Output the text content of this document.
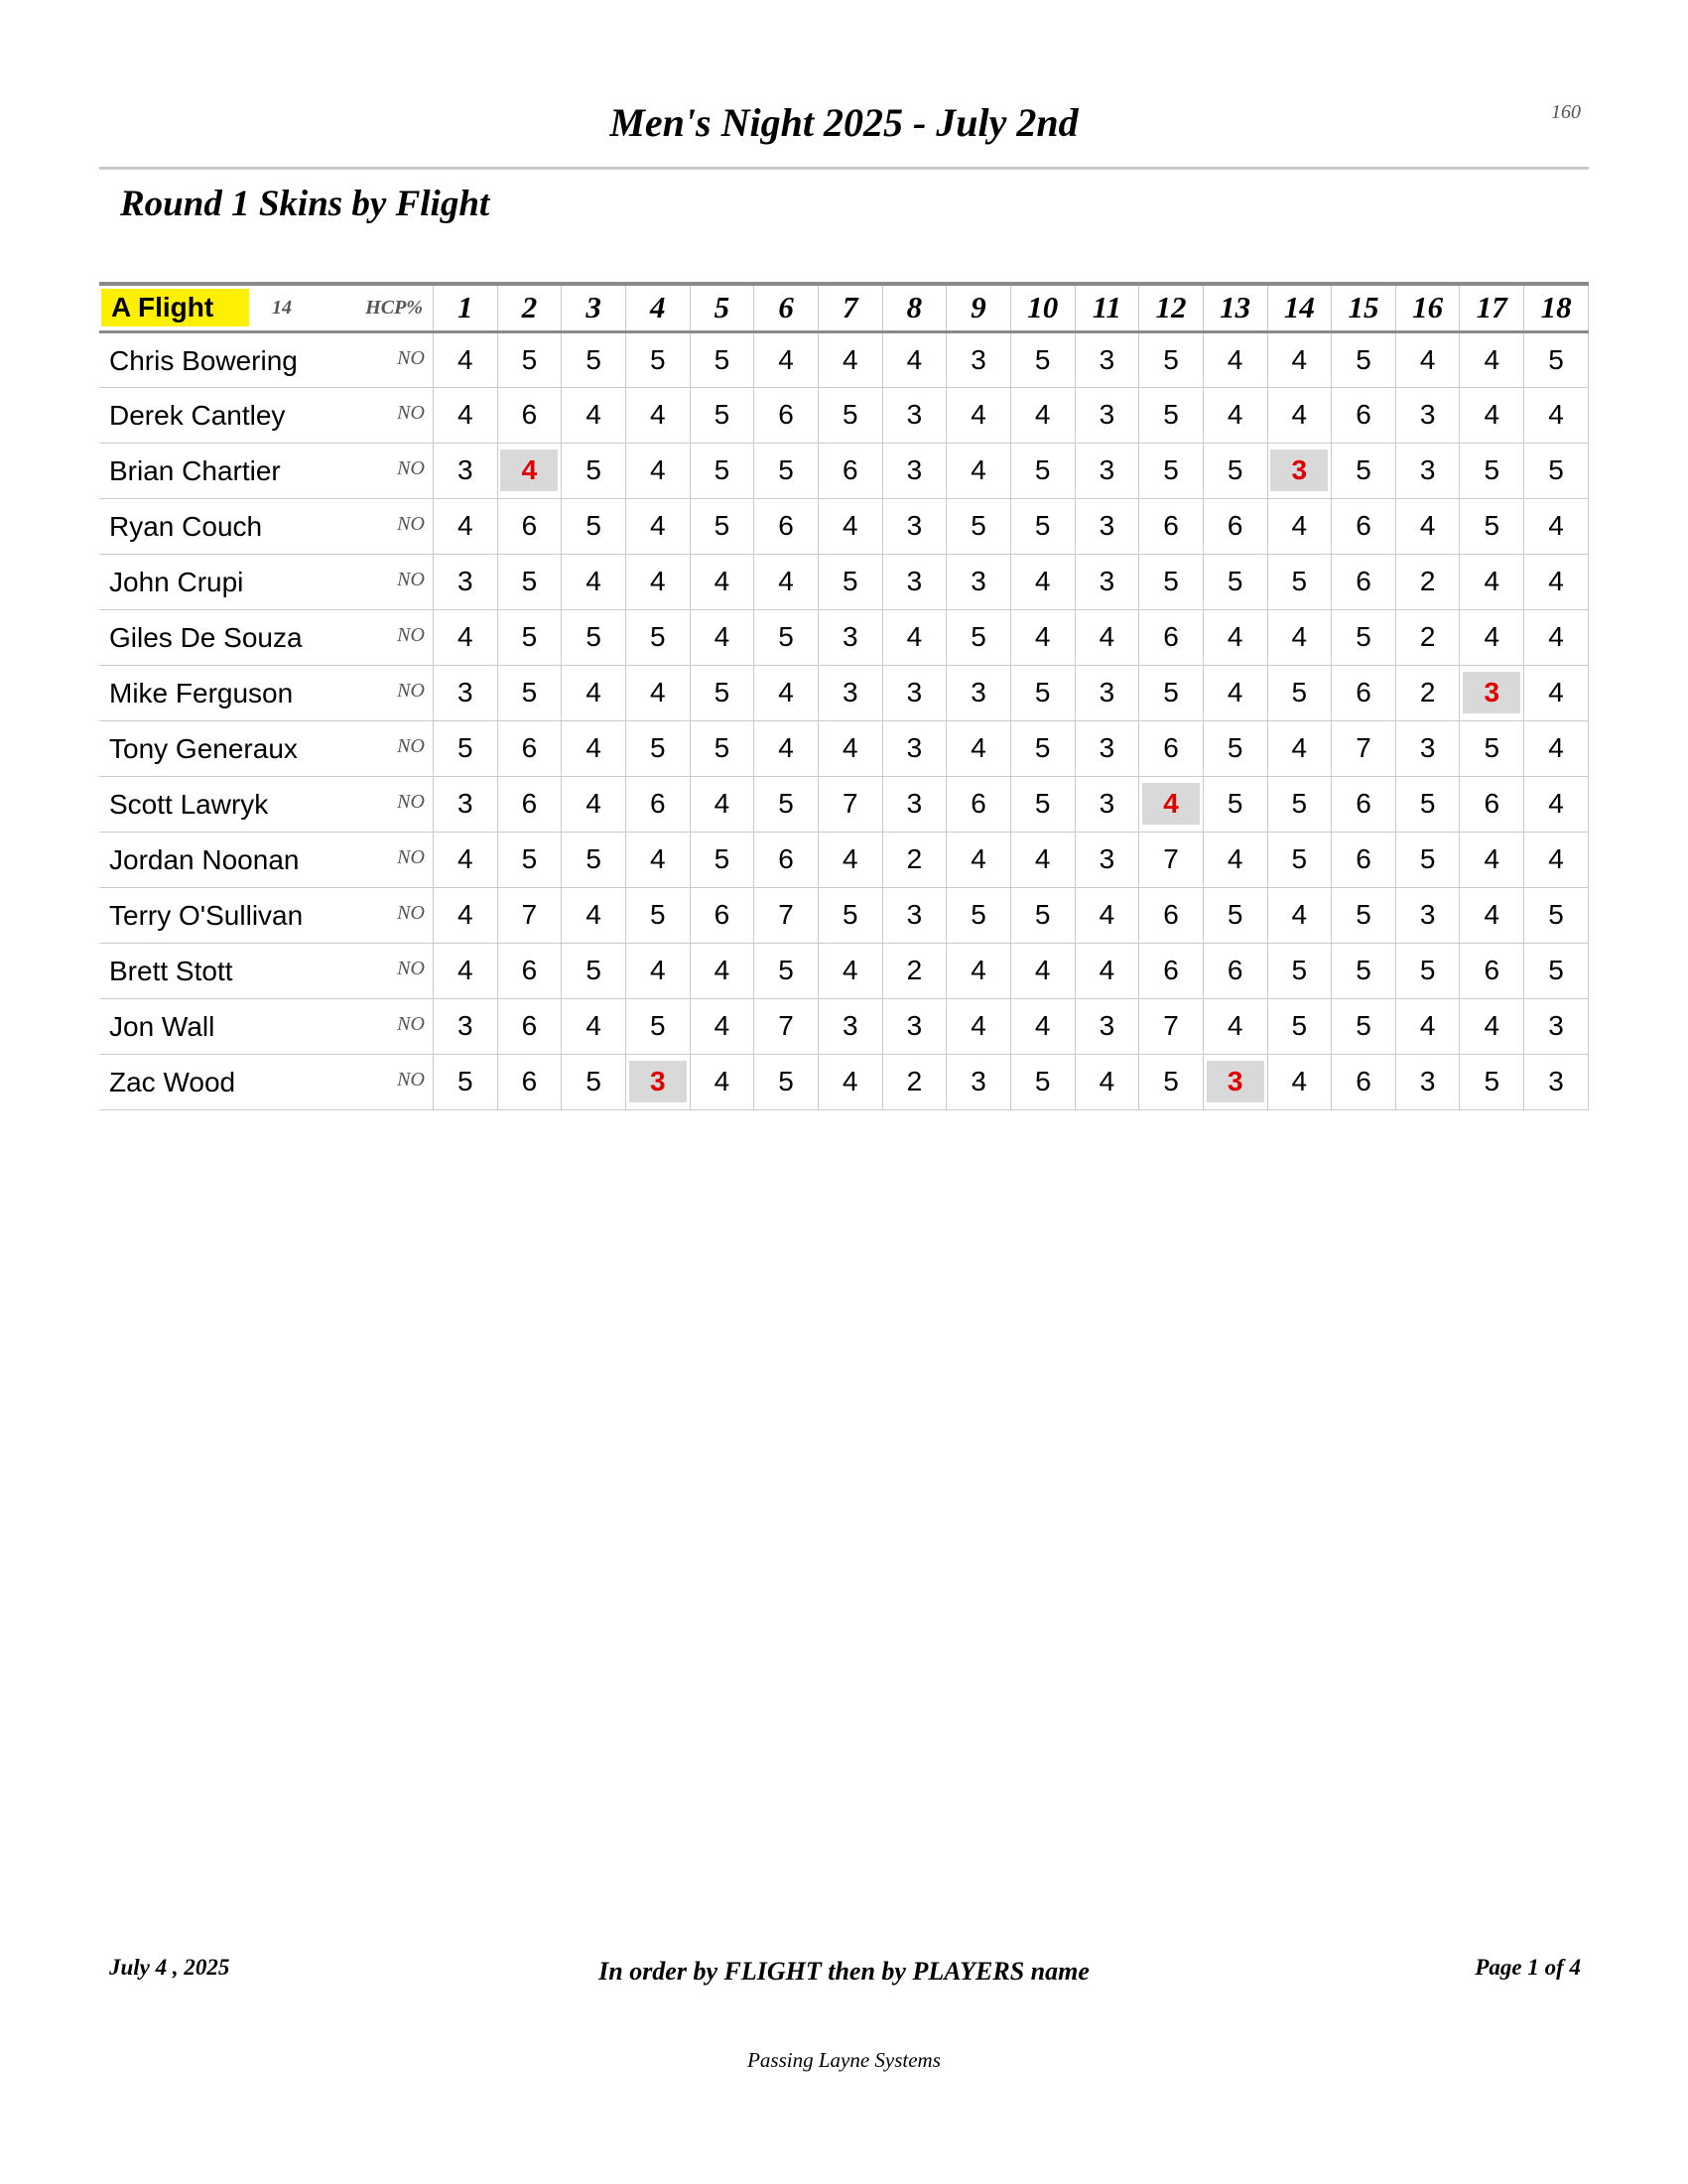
160
Men's Night 2025 - July 2nd
Round 1 Skins by Flight
A Flight 14 HCP%	1	2	3	4	5	6	7	8	9	10	11	12	13	14	15	16	17	18

Chris Bowering NO	4	5	5	5	5	4	4	4	3	5	3	5	4	4	5	4	4	5

Derek Cantley NO	4	6	4	4	5	6	5	3	4	4	3	5	4	4	6	3	4	4

Brian Chartier NO	3	4	5	4	5	5	6	3	4	5	3	5	5	3	5	3	5	5

Ryan Couch NO	4	6	5	4	5	6	4	3	5	5	3	6	6	4	6	4	5	4

John Crupi NO	3	5	4	4	4	4	5	3	3	4	3	5	5	5	6	2	4	4

Giles De Souza NO	4	5	5	5	4	5	3	4	5	4	4	6	4	4	5	2	4	4

Mike Ferguson NO	3	5	4	4	5	4	3	3	3	5	3	5	4	5	6	2	3	4

Tony Generaux NO	5	6	4	5	5	4	4	3	4	5	3	6	5	4	7	3	5	4

Scott Lawryk NO	3	6	4	6	4	5	7	3	6	5	3	4	5	5	6	5	6	4

Jordan Noonan NO	4	5	5	4	5	6	4	2	4	4	3	7	4	5	6	5	4	4

Terry O'Sullivan NO	4	7	4	5	6	7	5	3	5	5	4	6	5	4	5	3	4	5

Brett Stott NO	4	6	5	4	4	5	4	2	4	4	4	6	6	5	5	5	6	5

Jon Wall NO	3	6	4	5	4	7	3	3	4	4	3	7	4	5	5	4	4	3

Zac Wood NO	5	6	5	3	4	5	4	2	3	5	4	5	3	4	6	3	5	3
July 4 , 2025	In order by FLIGHT then by PLAYERS name	Page 1 of 4
Passing Layne Systems
